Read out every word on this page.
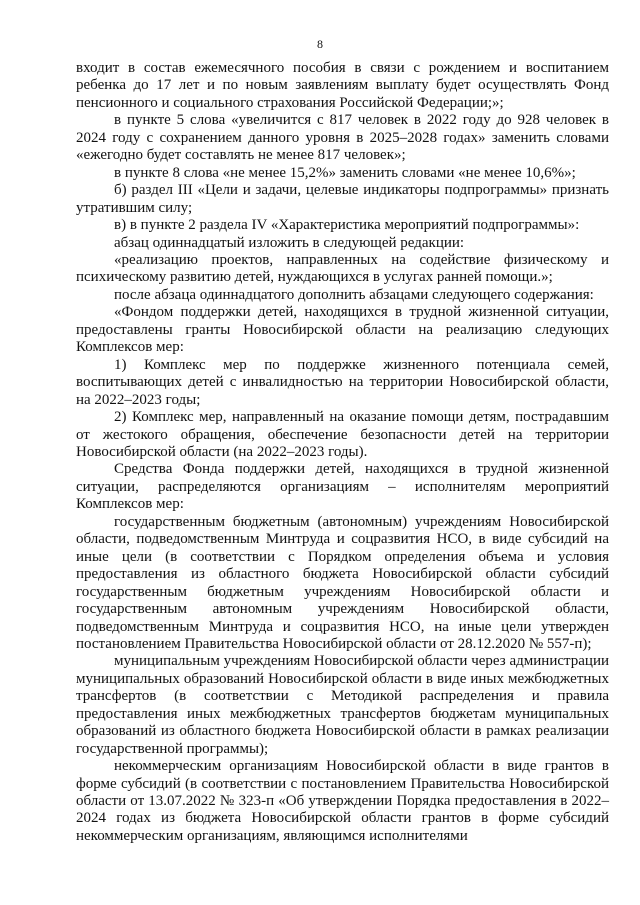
8

входит в состав ежемесячного пособия в связи с рождением и воспитанием ребенка до 17 лет и по новым заявлениям выплату будет осуществлять Фонд пенсионного и социального страхования Российской Федерации;»;

в пункте 5 слова «увеличится с 817 человек в 2022 году до 928 человек в 2024 году с сохранением данного уровня в 2025–2028 годах» заменить словами «ежегодно будет составлять не менее 817 человек»;

в пункте 8 слова «не менее 15,2%» заменить словами «не менее 10,6%»;

б) раздел III «Цели и задачи, целевые индикаторы подпрограммы» признать утратившим силу;

в) в пункте 2 раздела IV «Характеристика мероприятий подпрограммы»:

абзац одиннадцатый изложить в следующей редакции:

«реализацию проектов, направленных на содействие физическому и психическому развитию детей, нуждающихся в услугах ранней помощи.»;

после абзаца одиннадцатого дополнить абзацами следующего содержания:

«Фондом поддержки детей, находящихся в трудной жизненной ситуации, предоставлены гранты Новосибирской области на реализацию следующих Комплексов мер:

1) Комплекс мер по поддержке жизненного потенциала семей, воспитывающих детей с инвалидностью на территории Новосибирской области, на 2022–2023 годы;

2) Комплекс мер, направленный на оказание помощи детям, пострадавшим от жестокого обращения, обеспечение безопасности детей на территории Новосибирской области (на 2022–2023 годы).

Средства Фонда поддержки детей, находящихся в трудной жизненной ситуации, распределяются организациям – исполнителям мероприятий Комплексов мер:

государственным бюджетным (автономным) учреждениям Новосибирской области, подведомственным Минтруда и соцразвития НСО, в виде субсидий на иные цели (в соответствии с Порядком определения объема и условия предоставления из областного бюджета Новосибирской области субсидий государственным бюджетным учреждениям Новосибирской области и государственным автономным учреждениям Новосибирской области, подведомственным Минтруда и соцразвития НСО, на иные цели утвержден постановлением Правительства Новосибирской области от 28.12.2020 № 557-п);

муниципальным учреждениям Новосибирской области через администрации муниципальных образований Новосибирской области в виде иных межбюджетных трансфертов (в соответствии с Методикой распределения и правила предоставления иных межбюджетных трансфертов бюджетам муниципальных образований из областного бюджета Новосибирской области в рамках реализации государственной программы);

некоммерческим организациям Новосибирской области в виде грантов в форме субсидий (в соответствии с постановлением Правительства Новосибирской области от 13.07.2022 № 323-п «Об утверждении Порядка предоставления в 2022–2024 годах из бюджета Новосибирской области грантов в форме субсидий некоммерческим организациям, являющимся исполнителями
